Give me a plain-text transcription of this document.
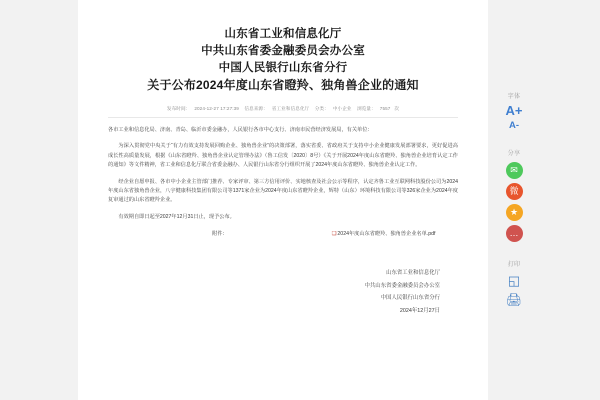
山东省工业和信息化厅
中共山东省委金融委员会办公室
中国人民银行山东省分行
关于公布2024年度山东省瞪羚、独角兽企业的通知
发布时间： 2024-12-27 17:27:39 信息来源： 省工业和信息化厅 分类： 中小企业 浏览量： 7557 次

各市工业和信息化局、济南、青岛、临沂市委金融办，人民银行各市中心支行、济南市民营经济发展局，有关单位：

为深入贯彻党中央关于“有力有效支持发展回购企业、独角兽企业”的决策部署，落实省委、省政府关于支持中小企业健康发展部署要求，更好促进高成长性高质量发展，根据《山东省瞪羚、独角兽企业认定管理办法》（鲁工信发〔2020〕8号）《关于开展2024年度山东省瞪羚、独角兽企业培育认定工作的通知》等文件精神，省工业和信息化厅联合省委金融办、人民银行山东省分行组织开展了2024年度山东省瞪羚、独角兽企业认定工作。

经企业自愿申报、各市中小企业主管部门推荐、专家评审、第三方信用评价、实地核查及社会公示等程序，认定齐鲁工业互联网科技股份公司为2024年度山东省独角兽企业，八宇健康科技集团有限公司等1371家企业为2024年度山东省瞪羚企业，辉特（山东）环境科技有限公司等326家企业为2024年度复审通过的山东省瞪羚企业。

有效期自即日起至2027年12月31日止，现予公布。

附件：	❏2024年度山东省瞪羚、独角兽企业名单.pdf
山东省工业和信息化厅
中共山东省委金融委员会办公室
中国人民银行山东省分行
2024年12月27日
字体
A+
A-
分享
✉
微
★
…
打印
◱
🖨
